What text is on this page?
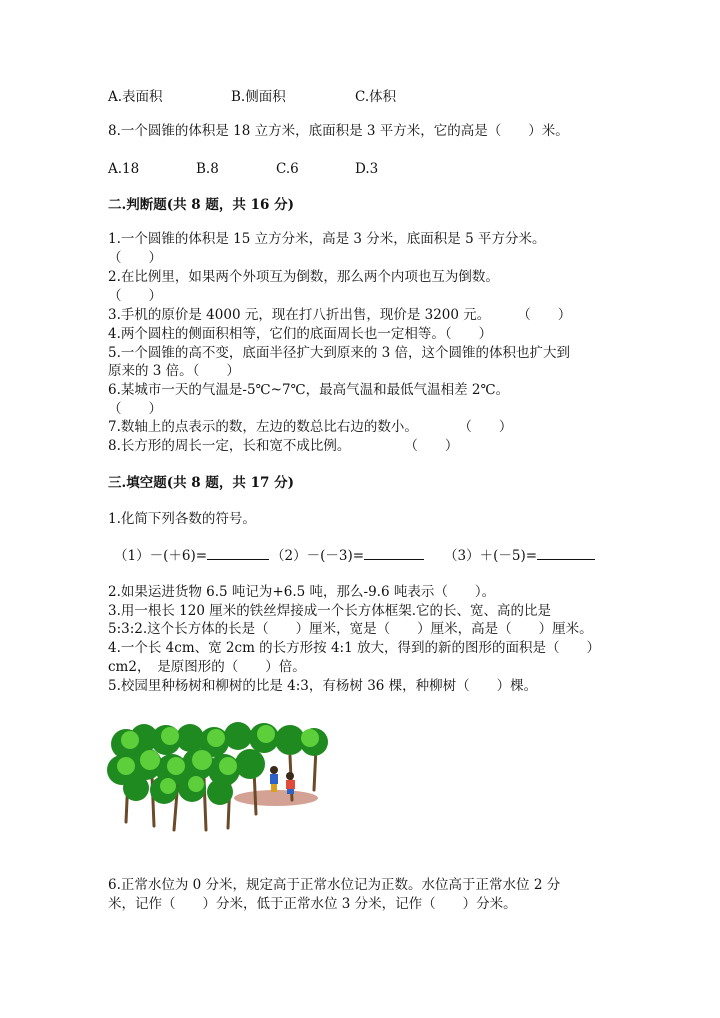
A.表面积	B.侧面积	C.体积
8.一个圆锥的体积是 18 立方米，底面积是 3 平方米，它的高是（　　）米。
A.18	B.8	C.6	D.3
二.判断题(共 8 题，共 16 分)
1.一个圆锥的体积是 15 立方分米，高是 3 分米，底面积是 5 平方分米。
（　　）
2.在比例里，如果两个外项互为倒数，那么两个内项也互为倒数。
（　　）
3.手机的原价是 4000 元，现在打八折出售，现价是 3200 元。　　　（　　）
4.两个圆柱的侧面积相等，它们的底面周长也一定相等。（　　）
5.一个圆锥的高不变，底面半径扩大到原来的 3 倍，这个圆锥的体积也扩大到
原来的 3 倍。（　　）
6.某城市一天的气温是-5℃~7℃，最高气温和最低气温相差 2℃。
（　　）
7.数轴上的点表示的数，左边的数总比右边的数小。　　　　（　　）
8.长方形的周长一定，长和宽不成比例。　　　　　（　　）
三.填空题(共 8 题，共 17 分)
1.化简下列各数的符号。
（1）－(＋6)=	（2）－(－3)=	（3）＋(－5)=
2.如果运进货物 6.5 吨记为+6.5 吨，那么-9.6 吨表示（　　）。
3.用一根长 120 厘米的铁丝焊接成一个长方体框架.它的长、宽、高的比是
5:3:2.这个长方体的长是（　　）厘米，宽是（　　）厘米，高是（　　）厘米。
4.一个长 4cm、宽 2cm 的长方形按 4:1 放大，得到的新的图形的面积是（　　）
cm2，　是原图形的（　　）倍。
5.校园里种杨树和柳树的比是 4:3，有杨树 36 棵，种柳树（　　）棵。
6.正常水位为 0 分米，规定高于正常水位记为正数。水位高于正常水位 2 分
米，记作（　　）分米，低于正常水位 3 分米，记作（　　）分米。
